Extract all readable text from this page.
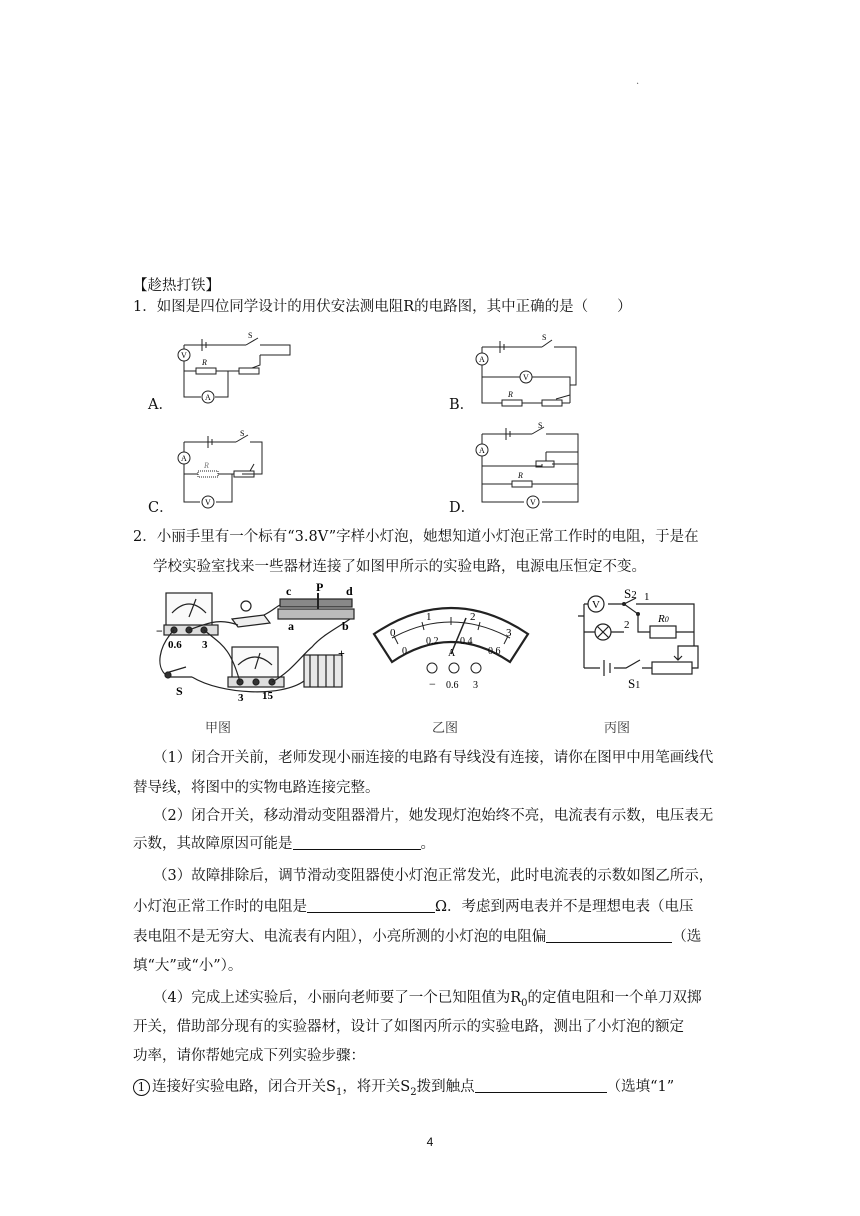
.
【趁热打铁】
1．如图是四位同学设计的用伏安法测电阻R的电路图，其中正确的是（　　）
V
A
S
R
A．
A
V
S
R
B．
A
V
S
R
C．
A
V
S
R
D．
2．小丽手里有一个标有“3.8V”字样小灯泡，她想知道小灯泡正常工作时的电阻，于是在
学校实验室找来一些器材连接了如图甲所示的实验电路，电源电压恒定不变。
c P d
a	b
−
0.6 3
15
3
S
+
甲图
0
1	2
3
0
0.2 0.4
0.6
A
− 0.6 3
乙图
V
S2 1
2	R0
S1
丙图
（1）闭合开关前，老师发现小丽连接的电路有导线没有连接，请你在图甲中用笔画线代
替导线，将图中的实物电路连接完整。
（2）闭合开关，移动滑动变阻器滑片，她发现灯泡始终不亮，电流表有示数，电压表无
示数，其故障原因可能是	。
（3）故障排除后，调节滑动变阻器使小灯泡正常发光，此时电流表的示数如图乙所示，
小灯泡正常工作时的电阻是	Ω．考虑到两电表并不是理想电表（电压
表电阻不是无穷大、电流表有内阻），小亮所测的小灯泡的电阻偏	（选
填“大”或“小”）。
（4）完成上述实验后，小丽向老师要了一个已知阻值为$R_0$的定值电阻和一个单刀双掷
开关，借助部分现有的实验器材，设计了如图丙所示的实验电路，测出了小灯泡的额定
功率，请你帮她完成下列实验步骤：
1 连接好实验电路，闭合开关$S_1$，将开关$S_2$拨到触点	（选填“1”
4
